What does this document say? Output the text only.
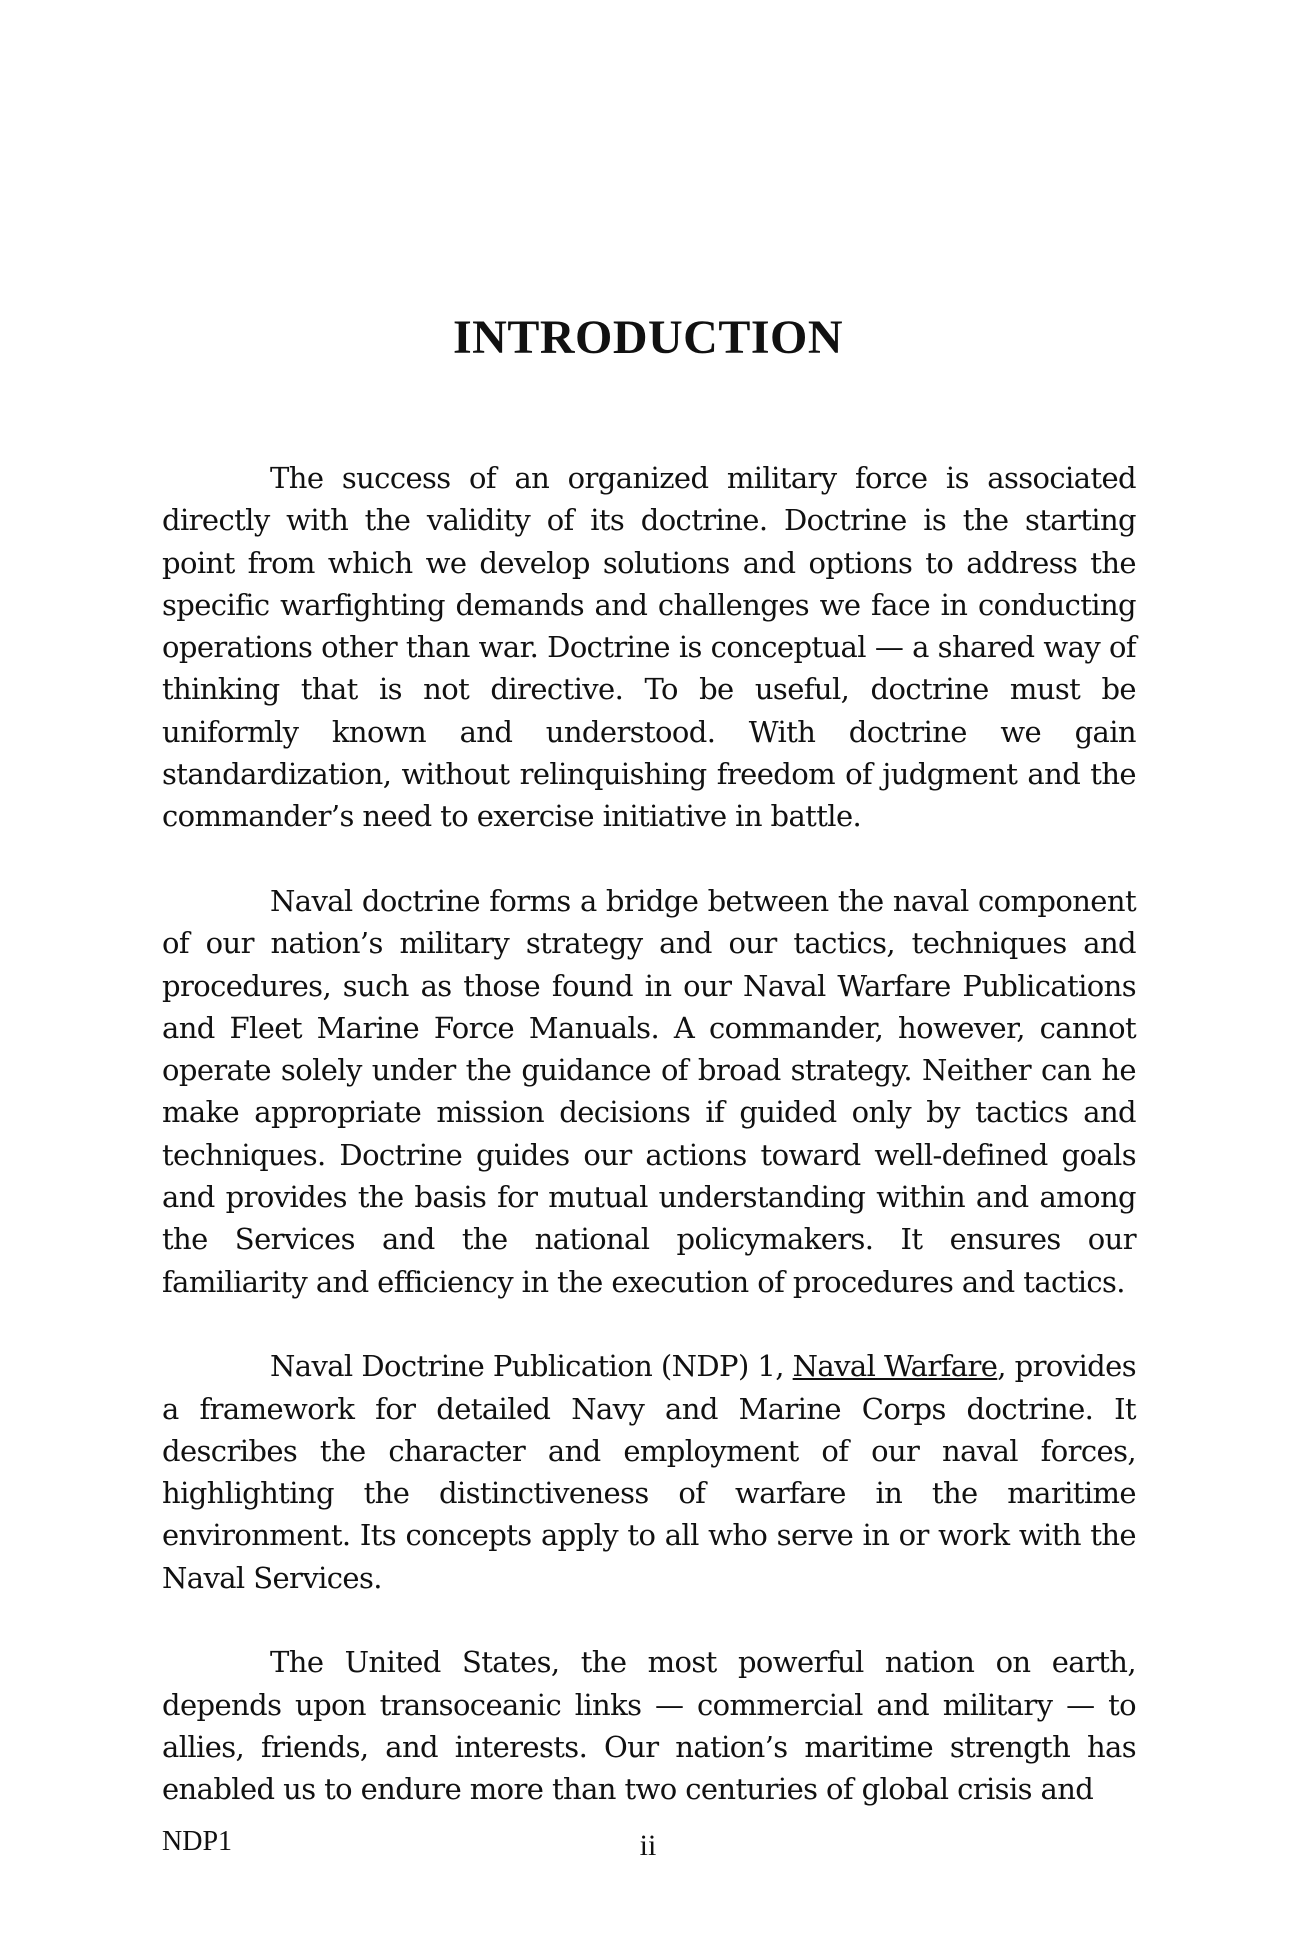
INTRODUCTION

The success of an organized military force is associated directly with the validity of its doctrine. Doctrine is the starting point from which we develop solutions and options to address the specific warfighting demands and challenges we face in conducting operations other than war. Doctrine is conceptual — a shared way of thinking that is not directive. To be useful, doctrine must be uniformly known and understood. With doctrine we gain standardization, without relinquishing freedom of judgment and the commander’s need to exercise initiative in battle.

Naval doctrine forms a bridge between the naval component of our nation’s military strategy and our tactics, techniques and procedures, such as those found in our Naval Warfare Publications and Fleet Marine Force Manuals. A commander, however, cannot operate solely under the guidance of broad strategy. Neither can he make appropriate mission decisions if guided only by tactics and techniques. Doctrine guides our actions toward well-defined goals and provides the basis for mutual understanding within and among the Services and the national policymakers. It ensures our familiarity and efficiency in the execution of procedures and tactics.

Naval Doctrine Publication (NDP) 1, Naval Warfare, provides a framework for detailed Navy and Marine Corps doctrine. It describes the character and employment of our naval forces, highlighting the distinctiveness of warfare in the maritime environment. Its concepts apply to all who serve in or work with the Naval Services.

The United States, the most powerful nation on earth, depends upon transoceanic links — commercial and military — to allies, friends, and interests. Our nation’s maritime strength has enabled us to endure more than two centuries of global crisis and

NDP1	ii
